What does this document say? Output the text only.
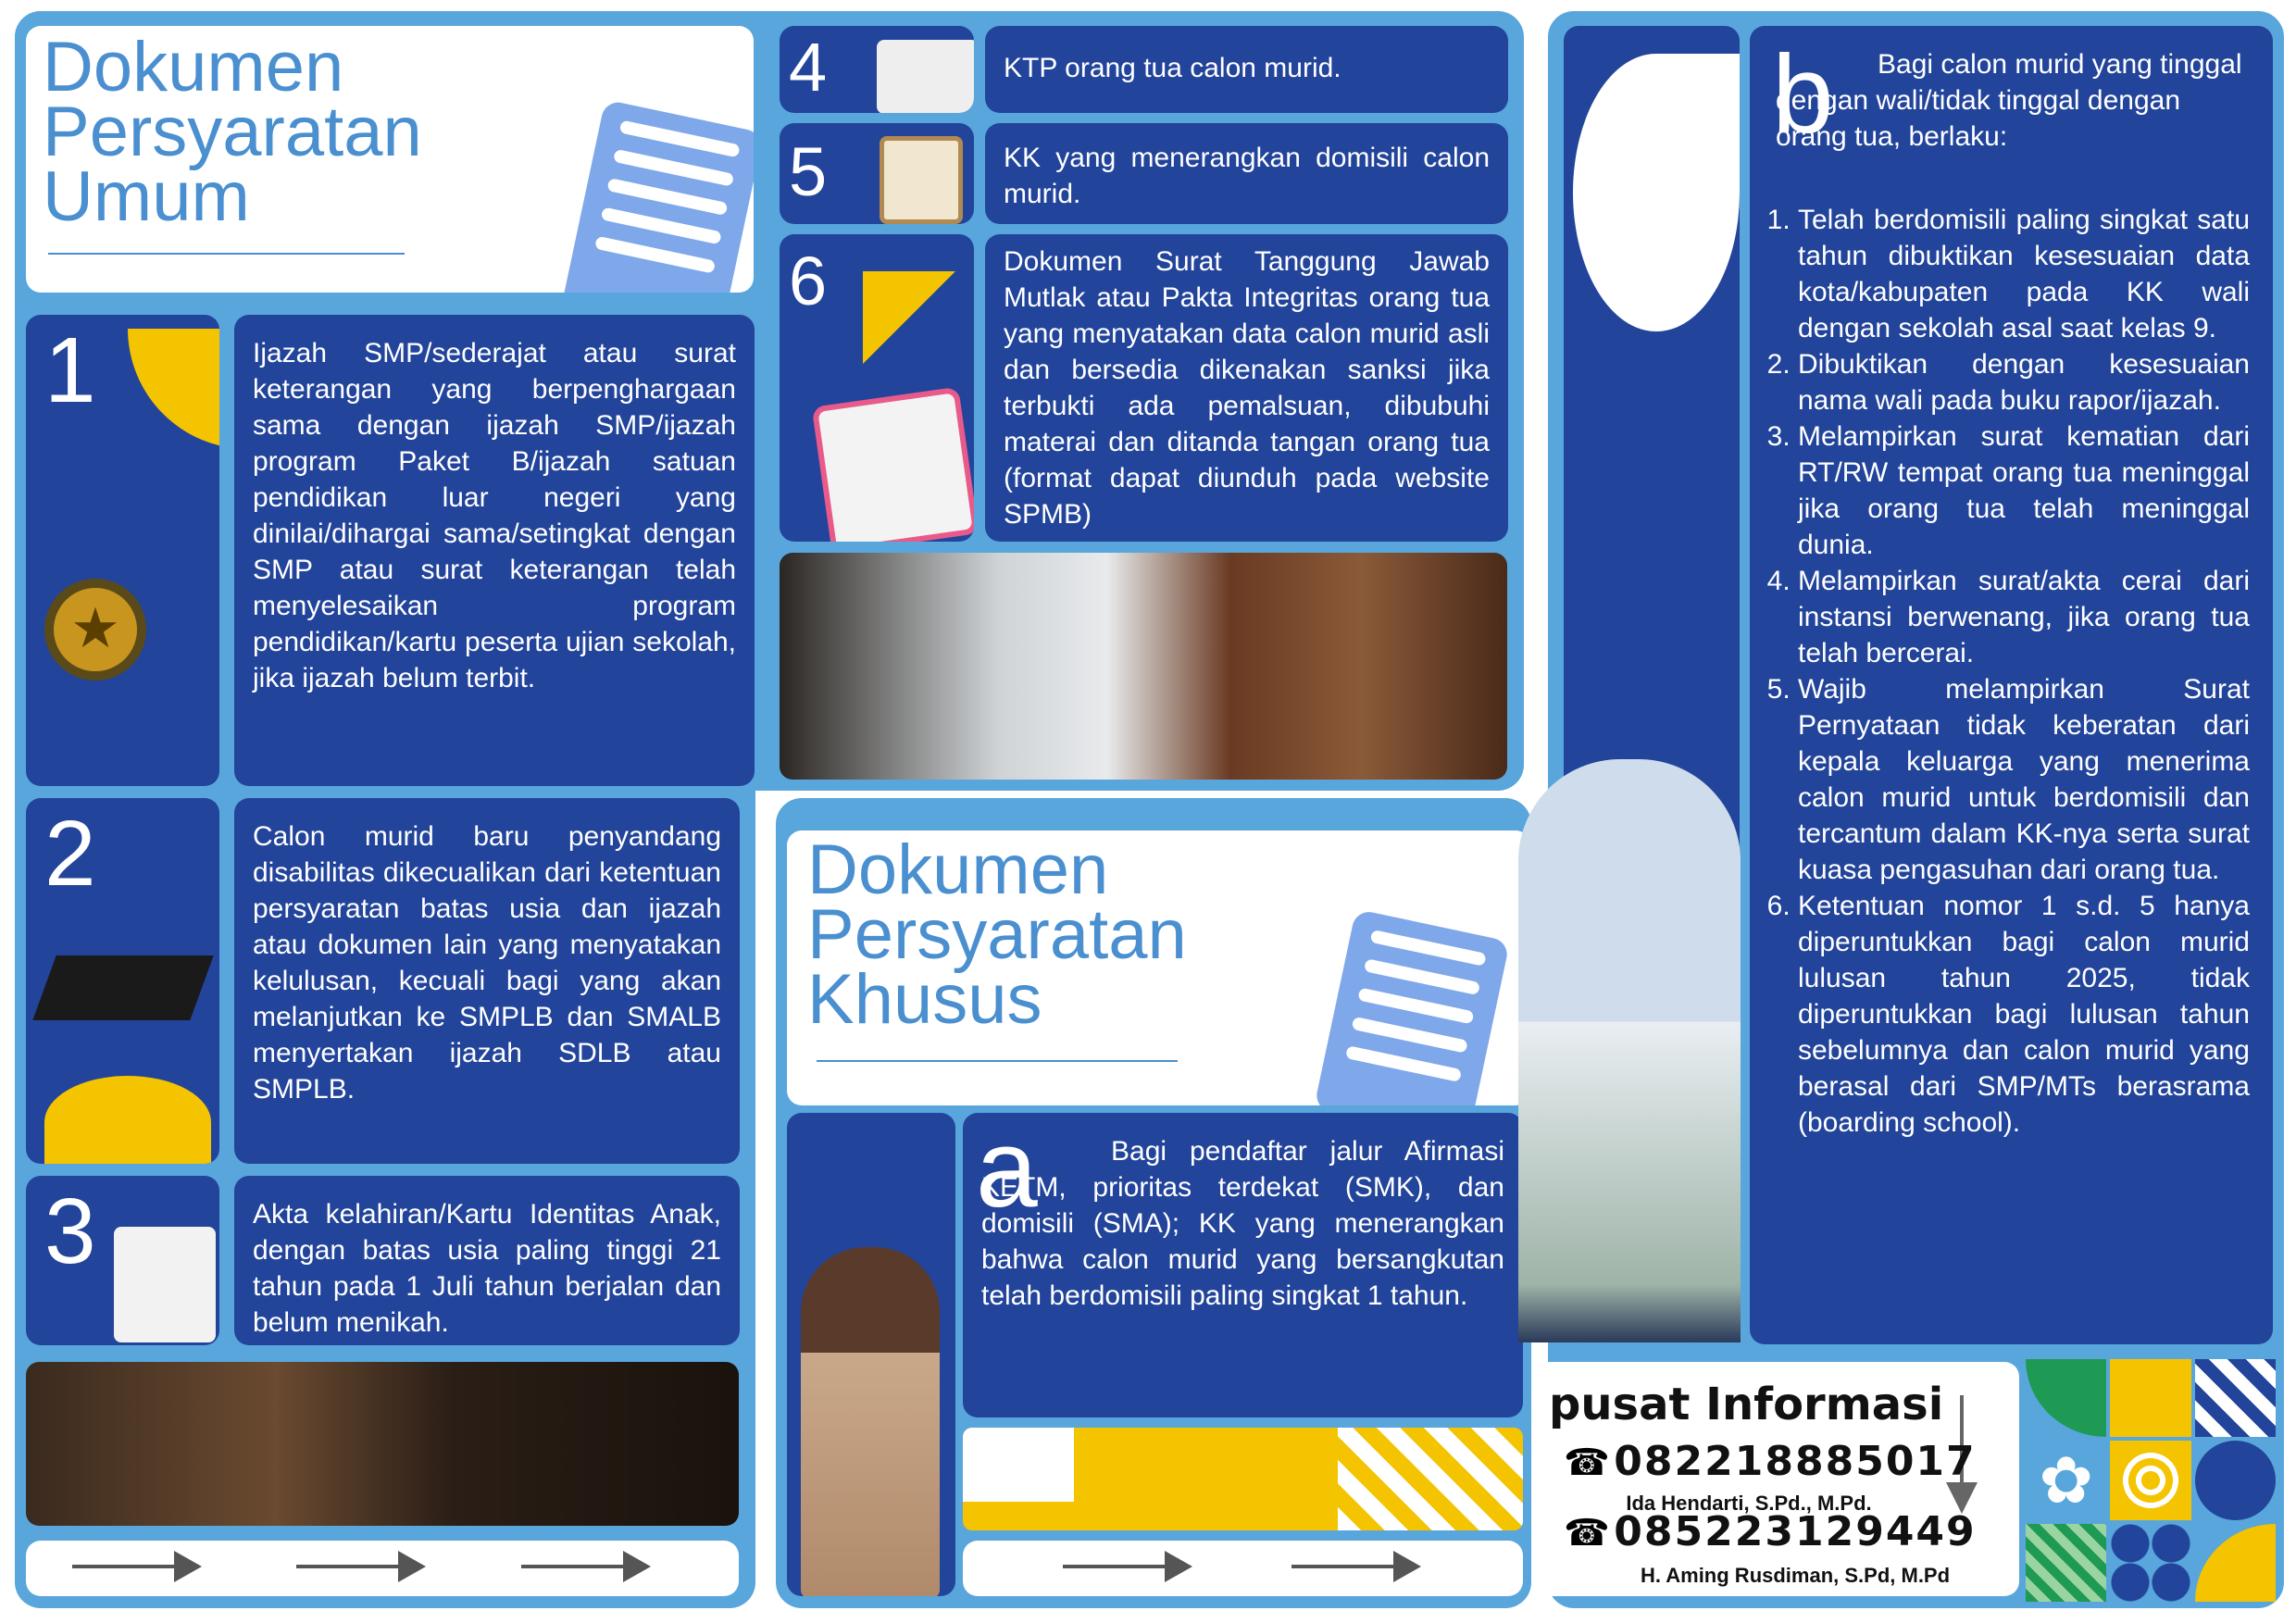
Dokumen
Persyaratan
Umum
1
★
Ijazah SMP/sederajat atau surat keterangan yang berpenghargaan sama dengan ijazah SMP/ijazah program Paket B/ijazah satuan pendidikan luar negeri yang dinilai/dihargai sama/setingkat dengan SMP atau surat keterangan telah menyelesaikan program pendidikan/kartu peserta ujian sekolah, jika ijazah belum terbit.
2	Calon murid baru penyandang disabilitas dikecualikan dari ketentuan persyaratan batas usia dan ijazah atau dokumen lain yang menyatakan kelulusan, kecuali bagi yang akan melanjutkan ke SMPLB dan SMALB menyertakan ijazah SDLB atau SMPLB.
3	Akta kelahiran/Kartu Identitas Anak, dengan batas usia paling tinggi 21 tahun pada 1 Juli tahun berjalan dan belum menikah.
4	KTP orang tua calon murid.
5	KK yang menerangkan domisili calon murid.
6	Dokumen Surat Tanggung Jawab Mutlak atau Pakta Integritas orang tua yang menyatakan data calon murid asli dan bersedia dikenakan sanksi jika terbukti ada pemalsuan, dibubuhi materai dan ditanda tangan orang tua (format dapat diunduh pada website SPMB)
Dokumen
Persyaratan
Khusus
a	Bagi pendaftar jalur Afirmasi KETM, prioritas terdekat (SMK), dan domisili (SMA); KK yang menerangkan bahwa calon murid yang bersangkutan telah berdomisili paling singkat 1 tahun.
b	Bagi calon murid yang tinggal dengan wali/tidak tinggal dengan orang tua, berlaku:
1. Telah berdomisili paling singkat satu tahun dibuktikan kesesuaian data kota/kabupaten pada KK wali dengan sekolah asal saat kelas 9.
2. Dibuktikan dengan kesesuaian nama wali pada buku rapor/ijazah.
3. Melampirkan surat kematian dari RT/RW tempat orang tua meninggal jika orang tua telah meninggal dunia.
4. Melampirkan surat/akta cerai dari instansi berwenang, jika orang tua telah bercerai.
5. Wajib melampirkan Surat Pernyataan tidak keberatan dari kepala keluarga yang menerima calon murid untuk berdomisili dan tercantum dalam KK-nya serta surat kuasa pengasuhan dari orang tua.
6. Ketentuan nomor 1 s.d. 5 hanya diperuntukkan bagi calon murid lulusan tahun 2025, tidak diperuntukkan bagi lulusan tahun sebelumnya dan calon murid yang berasal dari SMP/MTs berasrama (boarding school).
pusat Informasi
☎ 082218885017
Ida Hendarti, S.Pd., M.Pd.
☎ 085223129449
H. Aming Rusdiman, S.Pd, M.Pd
✿
